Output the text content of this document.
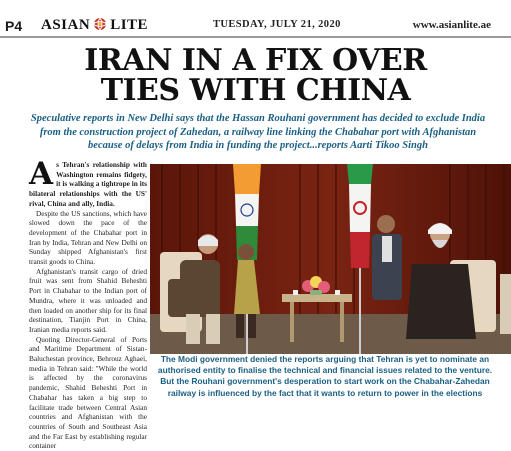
P4 ASIAN LITE	TUESDAY, JULY 21, 2020	www.asianlite.ae
IRAN IN A FIX OVER
TIES WITH CHINA

Speculative reports in New Delhi says that the Hassan Rouhani government has decided to exclude India from the construction project of Zahedan, a railway line linking the Chabahar port with Afghanistan because of delays from India in funding the project...reports Aarti Tikoo Singh

As Tehran's relationship with Washington remains fidgety, it is walking a tightrope in its bilateral relationships with the US' rival, China and ally, India.

Despite the US sanctions, which have slowed down the pace of the development of the Chabahar port in Iran by India, Tehran and New Delhi on Sunday shipped Afghanistan's first transit goods to China.

Afghanistan's transit cargo of dried fruit was sent from Shahid Beheshti Port in Chabahar to the Indian port of Mundra, where it was unloaded and then loaded on another ship for its final destination, Tianjin Port in China, Iranian media reports said.

Quoting Director-General of Ports and Maritime Department of Sistan-Baluchestan province, Behrouz Aghaei, media in Tehran said: "While the world is affected by the coronavirus pandemic, Shahid Beheshti Port in Chabahar has taken a big step to facilitate trade between Central Asian countries and Afghanistan with the countries of South and Southeast Asia and the Far East by establishing regular container

The Modi government denied the reports arguing that Tehran is yet to nominate an authorised entity to finalise the technical and financial issues related to the venture. But the Rouhani government's desperation to start work on the Chabahar-Zahedan railway is influenced by the fact that it wants to return to power in the elections
